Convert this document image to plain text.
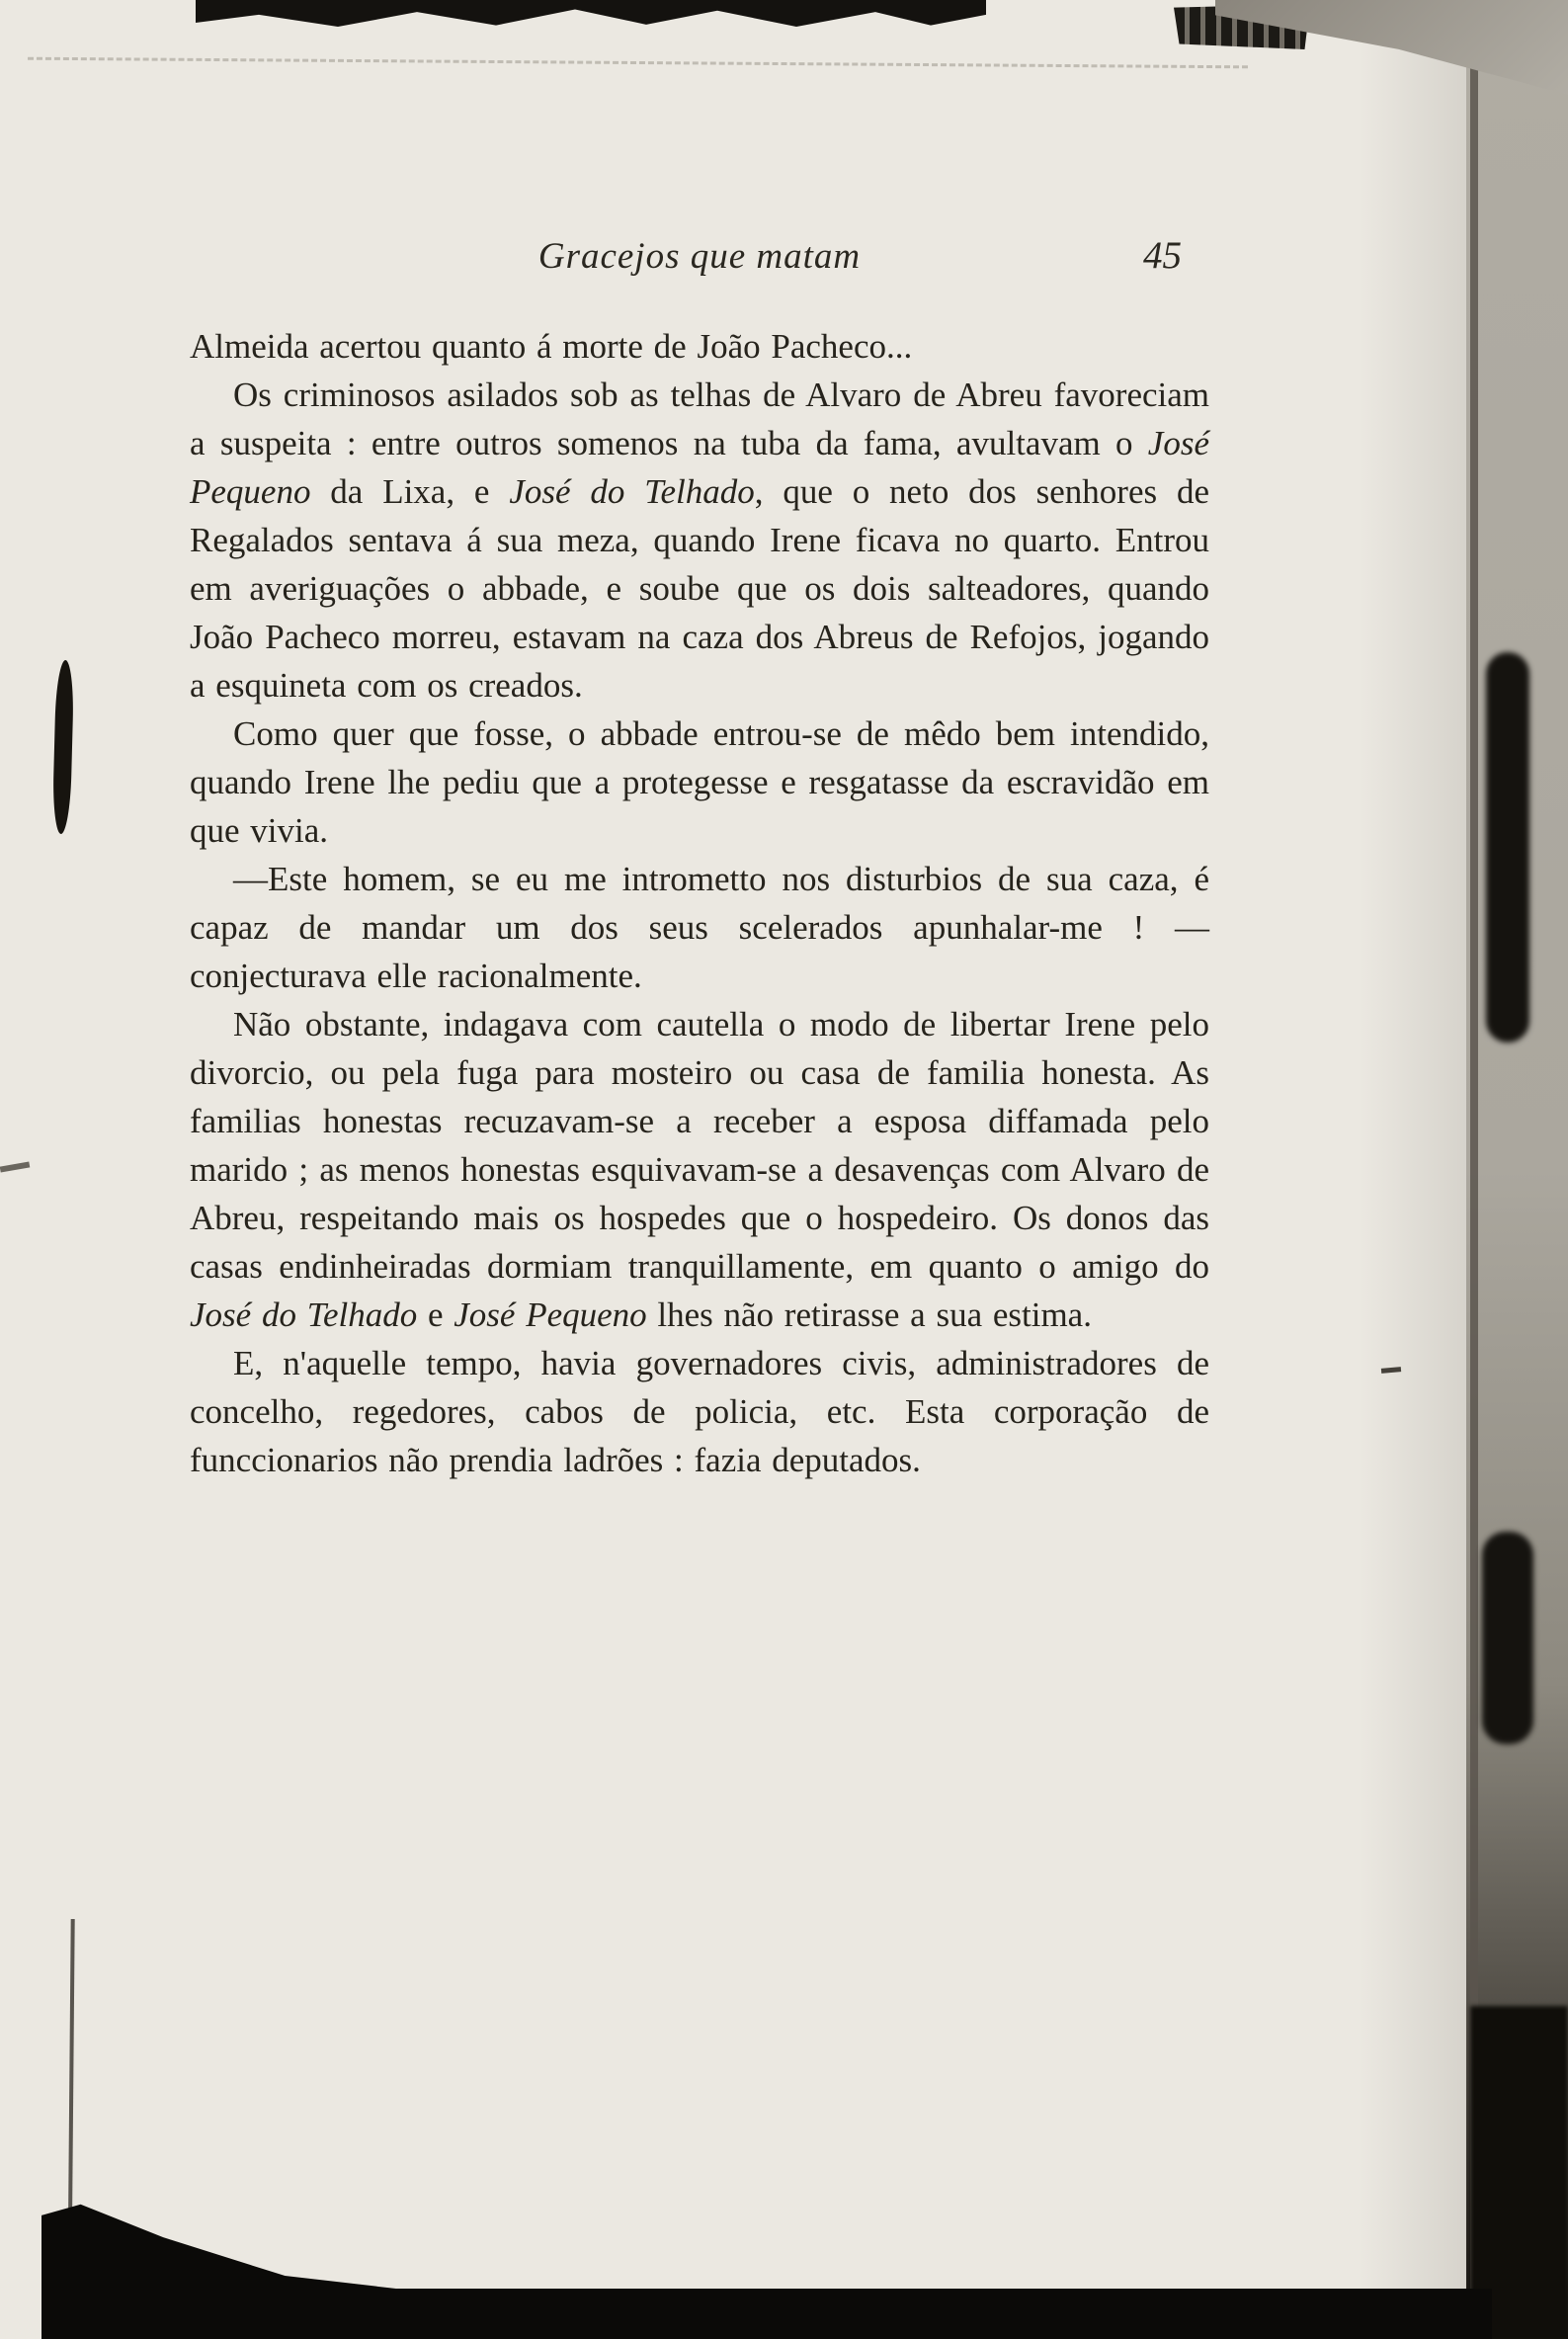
Gracejos que matam	45

Almeida acertou quanto á morte de João Pacheco...

Os criminosos asilados sob as telhas de Alvaro de Abreu favoreciam a suspeita : entre outros somenos na tuba da fama, avultavam o José Pequeno da Lixa, e José do Telhado, que o neto dos senhores de Regalados sentava á sua meza, quando Irene ficava no quarto. Entrou em averiguações o abbade, e soube que os dois salteadores, quando João Pacheco morreu, estavam na caza dos Abreus de Refojos, jogando a esquineta com os creados.

Como quer que fosse, o abbade entrou-se de mêdo bem intendido, quando Irene lhe pediu que a protegesse e resgatasse da escravidão em que vivia.

—Este homem, se eu me intrometto nos disturbios de sua caza, é capaz de mandar um dos seus scelerados apunhalar-me ! — conjecturava elle racionalmente.

Não obstante, indagava com cautella o modo de libertar Irene pelo divorcio, ou pela fuga para mosteiro ou casa de familia honesta. As familias honestas recuzavam-se a receber a esposa diffamada pelo marido ; as menos honestas esquivavam-se a desavenças com Alvaro de Abreu, respeitando mais os hospedes que o hospedeiro. Os donos das casas endinheiradas dormiam tranquillamente, em quanto o amigo do José do Telhado e José Pequeno lhes não retirasse a sua estima.

E, n'aquelle tempo, havia governadores civis, administradores de concelho, regedores, cabos de policia, etc. Esta corporação de funccionarios não prendia ladrões : fazia deputados.
